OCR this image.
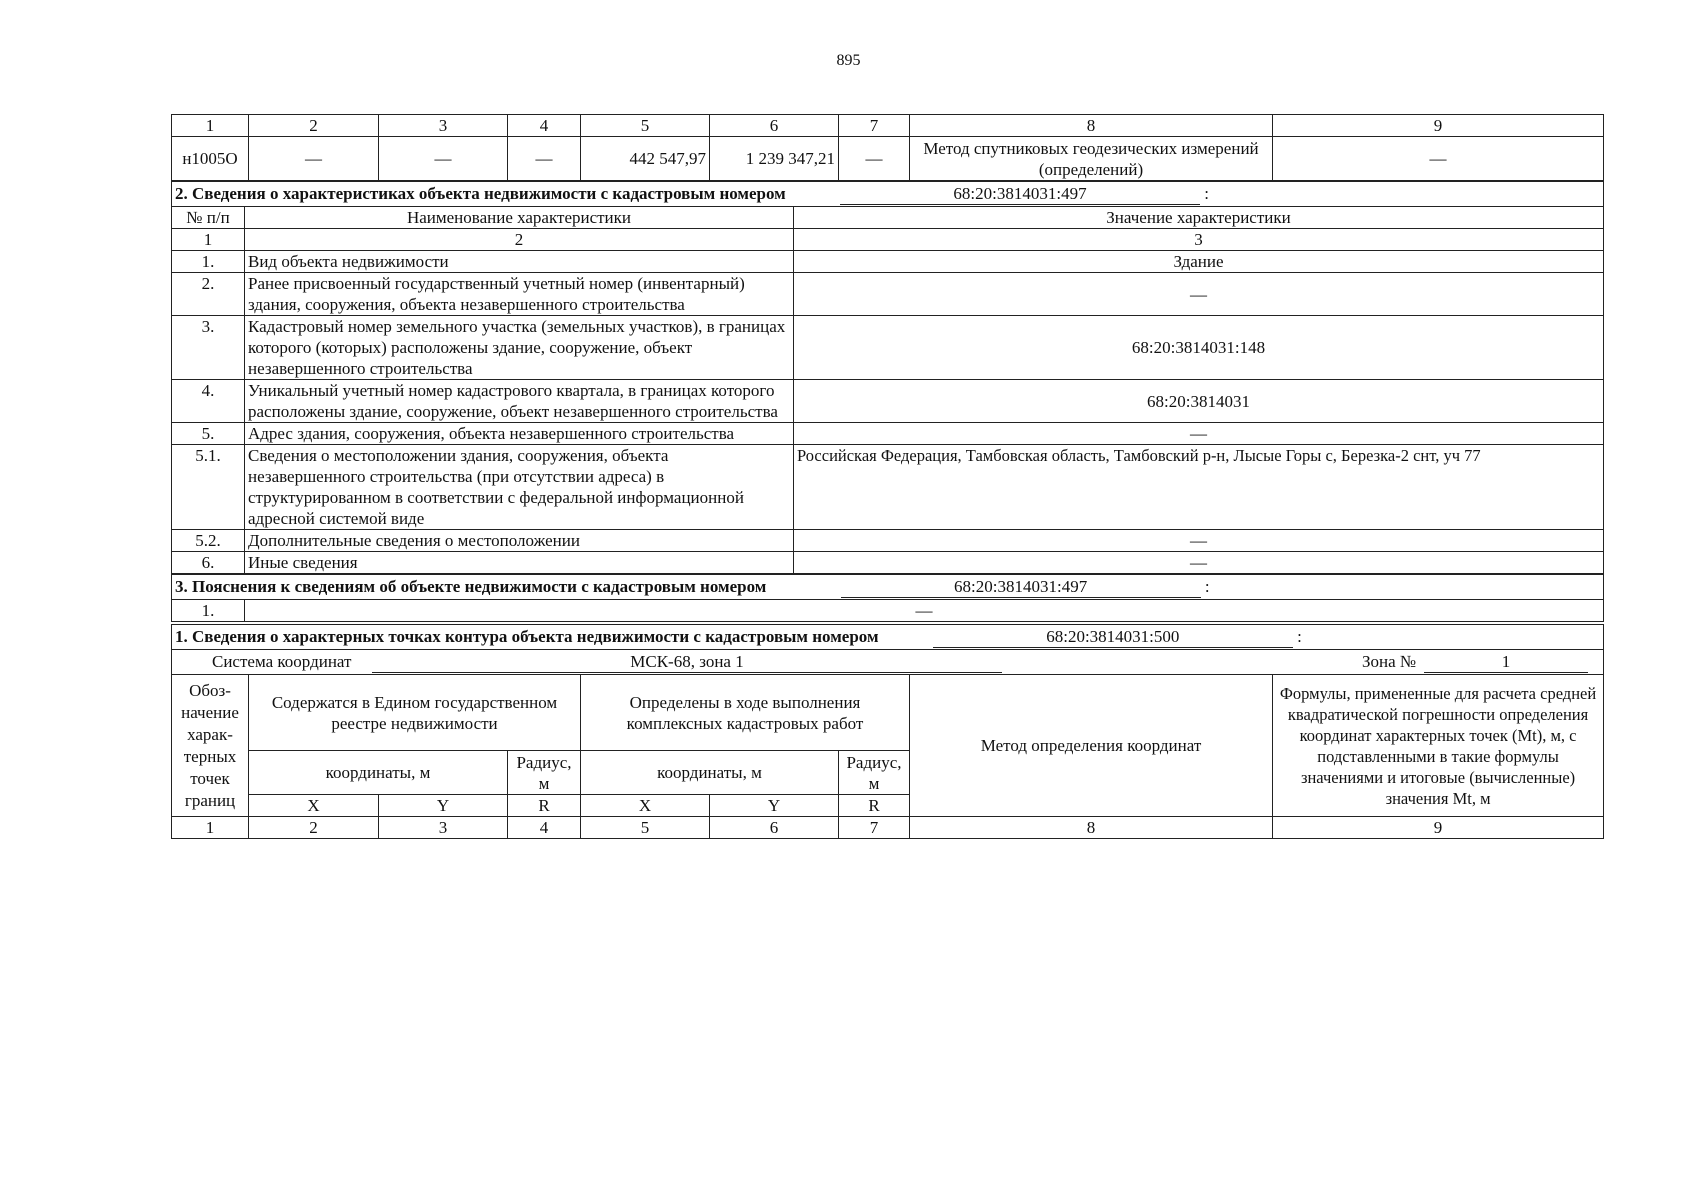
895
1	2	3	4	5	6	7	8	9
н1005О	—	—	—	442 547,97	1 239 347,21	—	Метод спутниковых геодезических измерений (определений)	—
2. Сведения о характеристиках объекта недвижимости с кадастровым номером 68:20:3814031:497 :		
№ п/п	Наименование характеристики	Значение характеристики
1	2	3
1.	Вид объекта недвижимости	Здание
2.	Ранее присвоенный государственный учетный номер (инвентарный) здания, сооружения, объекта незавершенного строительства	—
3.	Кадастровый номер земельного участка (земельных участков), в границах которого (которых) расположены здание, сооружение, объект незавершенного строительства	68:20:3814031:148
4.	Уникальный учетный номер кадастрового квартала, в границах которого расположены здание, сооружение, объект незавершенного строительства	68:20:3814031
5.	Адрес здания, сооружения, объекта незавершенного строительства	—
5.1.	Сведения о местоположении здания, сооружения, объекта незавершенного строительства (при отсутствии адреса) в структурированном в соответствии с федеральной информационной адресной системой виде	Российская Федерация, Тамбовская область, Тамбовский р-н, Лысые Горы с, Березка-2 снт, уч 77
5.2.	Дополнительные сведения о местоположении	—
6.	Иные сведения	—
3. Пояснения к сведениям об объекте недвижимости с кадастровым номером	68:20:3814031:497	:
1.	—
1. Сведения о характерных точках контура объекта недвижимости с кадастровым номером 68:20:3814031:500 :								

Система координат МСК-68, зона 1 Зона № 1								

Обоз-начение харак-терных точек границ	Содержатся в Едином государственном реестре недвижимости			Определены в ходе выполнения комплексных кадастровых работ			Метод определения координат	Формулы, примененные для расчета средней квадратической погрешности определения координат характерных точек (Mt), м, с подставленными в такие формулы значениями и итоговые (вычисленные) значения Mt, м
	координаты, м		Радиус, м	координаты, м		Радиус, м		
	X	Y	R	X	Y	R		
1	2	3	4	5	6	7	8	9
